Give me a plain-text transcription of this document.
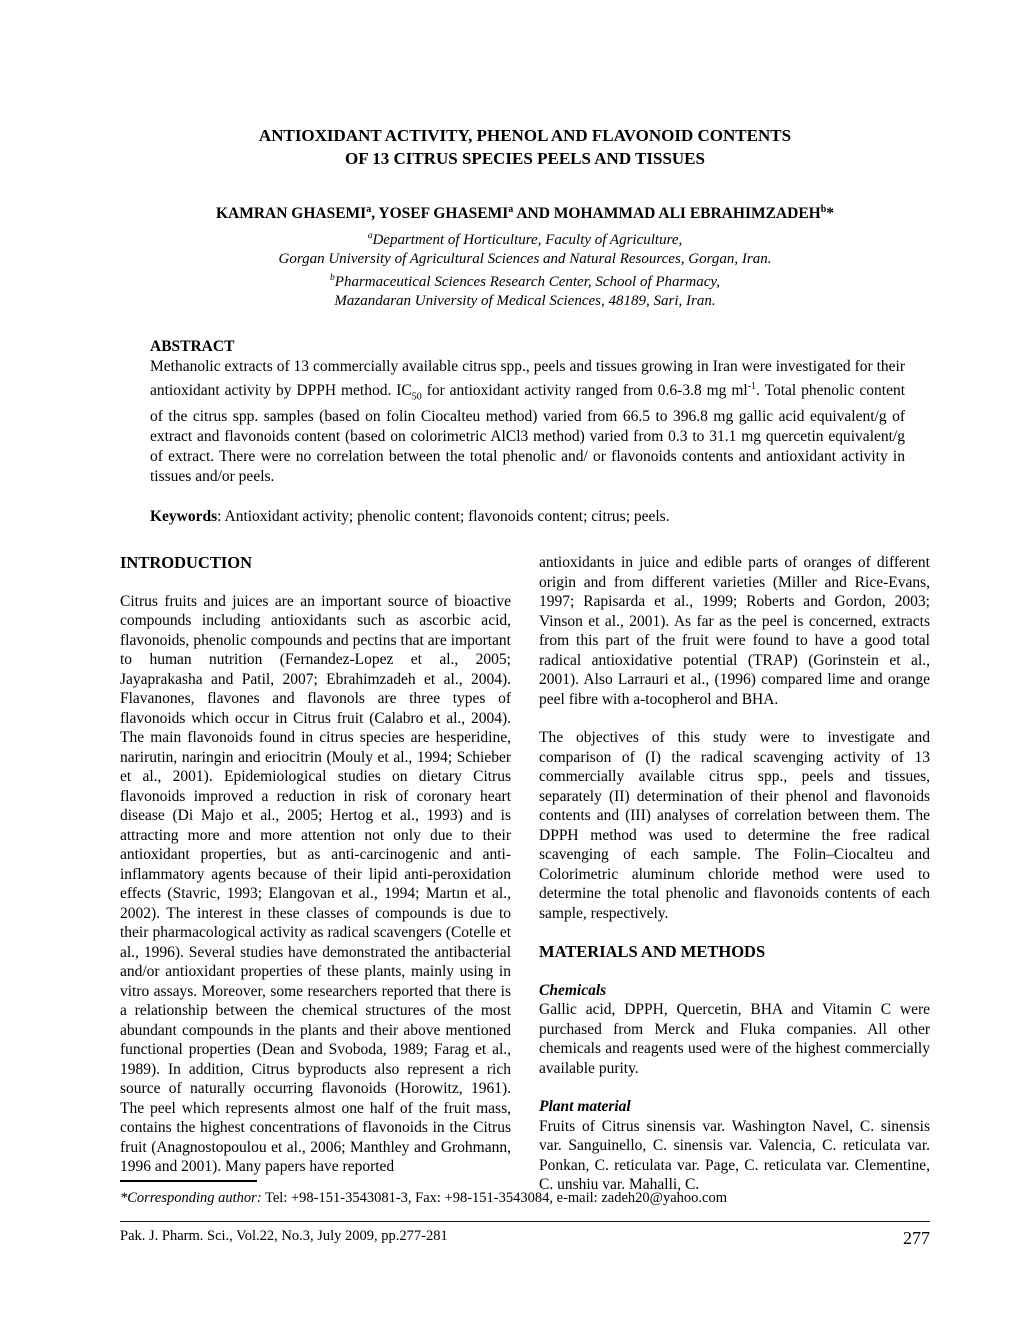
ANTIOXIDANT ACTIVITY, PHENOL AND FLAVONOID CONTENTS
OF 13 CITRUS SPECIES PEELS AND TISSUES
KAMRAN GHASEMI$^a$, YOSEF GHASEMI$^a$ AND MOHAMMAD ALI EBRAHIMZADEH$^b$*
$^a$Department of Horticulture, Faculty of Agriculture,
Gorgan University of Agricultural Sciences and Natural Resources, Gorgan, Iran.
$^b$Pharmaceutical Sciences Research Center, School of Pharmacy,
Mazandaran University of Medical Sciences, 48189, Sari, Iran.
ABSTRACT

Methanolic extracts of 13 commercially available citrus spp., peels and tissues growing in Iran were investigated for their antioxidant activity by DPPH method. $IC_{50}$ for antioxidant activity ranged from 0.6-3.8 mg $ml^{-1}$. Total phenolic content of the citrus spp. samples (based on folin Ciocalteu method) varied from 66.5 to 396.8 mg gallic acid equivalent/g of extract and flavonoids content (based on colorimetric AlCl3 method) varied from 0.3 to 31.1 mg quercetin equivalent/g of extract. There were no correlation between the total phenolic and/ or flavonoids contents and antioxidant activity in tissues and/or peels.

Keywords: Antioxidant activity; phenolic content; flavonoids content; citrus; peels.
INTRODUCTION

Citrus fruits and juices are an important source of bioactive compounds including antioxidants such as ascorbic acid, flavonoids, phenolic compounds and pectins that are important to human nutrition (Fernandez-Lopez et al., 2005; Jayaprakasha and Patil, 2007; Ebrahimzadeh et al., 2004). Flavanones, flavones and flavonols are three types of flavonoids which occur in Citrus fruit (Calabro et al., 2004). The main flavonoids found in citrus species are hesperidine, narirutin, naringin and eriocitrin (Mouly et al., 1994; Schieber et al., 2001). Epidemiological studies on dietary Citrus flavonoids improved a reduction in risk of coronary heart disease (Di Majo et al., 2005; Hertog et al., 1993) and is attracting more and more attention not only due to their antioxidant properties, but as anti-carcinogenic and anti-inflammatory agents because of their lipid anti-peroxidation effects (Stavric, 1993; Elangovan et al., 1994; Martın et al., 2002). The interest in these classes of compounds is due to their pharmacological activity as radical scavengers (Cotelle et al., 1996). Several studies have demonstrated the antibacterial and/or antioxidant properties of these plants, mainly using in vitro assays. Moreover, some researchers reported that there is a relationship between the chemical structures of the most abundant compounds in the plants and their above mentioned functional properties (Dean and Svoboda, 1989; Farag et al., 1989). In addition, Citrus byproducts also represent a rich source of naturally occurring flavonoids (Horowitz, 1961). The peel which represents almost one half of the fruit mass, contains the highest concentrations of flavonoids in the Citrus fruit (Anagnostopoulou et al., 2006; Manthley and Grohmann, 1996 and 2001). Many papers have reported

antioxidants in juice and edible parts of oranges of different origin and from different varieties (Miller and Rice-Evans, 1997; Rapisarda et al., 1999; Roberts and Gordon, 2003; Vinson et al., 2001). As far as the peel is concerned, extracts from this part of the fruit were found to have a good total radical antioxidative potential (TRAP) (Gorinstein et al., 2001). Also Larrauri et al., (1996) compared lime and orange peel fibre with a-tocopherol and BHA.

The objectives of this study were to investigate and comparison of (I) the radical scavenging activity of 13 commercially available citrus spp., peels and tissues, separately (II) determination of their phenol and flavonoids contents and (III) analyses of correlation between them. The DPPH method was used to determine the free radical scavenging of each sample. The Folin–Ciocalteu and Colorimetric aluminum chloride method were used to determine the total phenolic and flavonoids contents of each sample, respectively.

MATERIALS AND METHODS
Chemicals

Gallic acid, DPPH, Quercetin, BHA and Vitamin C were purchased from Merck and Fluka companies. All other chemicals and reagents used were of the highest commercially available purity.

Plant material

Fruits of Citrus sinensis var. Washington Navel, C. sinensis var. Sanguinello, C. sinensis var. Valencia, C. reticulata var. Ponkan, C. reticulata var. Page, C. reticulata var. Clementine, C. unshiu var. Mahalli, C.

*Corresponding author: Tel: +98-151-3543081-3, Fax: +98-151-3543084, e-mail: zadeh20@yahoo.com
Pak. J. Pharm. Sci., Vol.22, No.3, July 2009, pp.277-281	277
